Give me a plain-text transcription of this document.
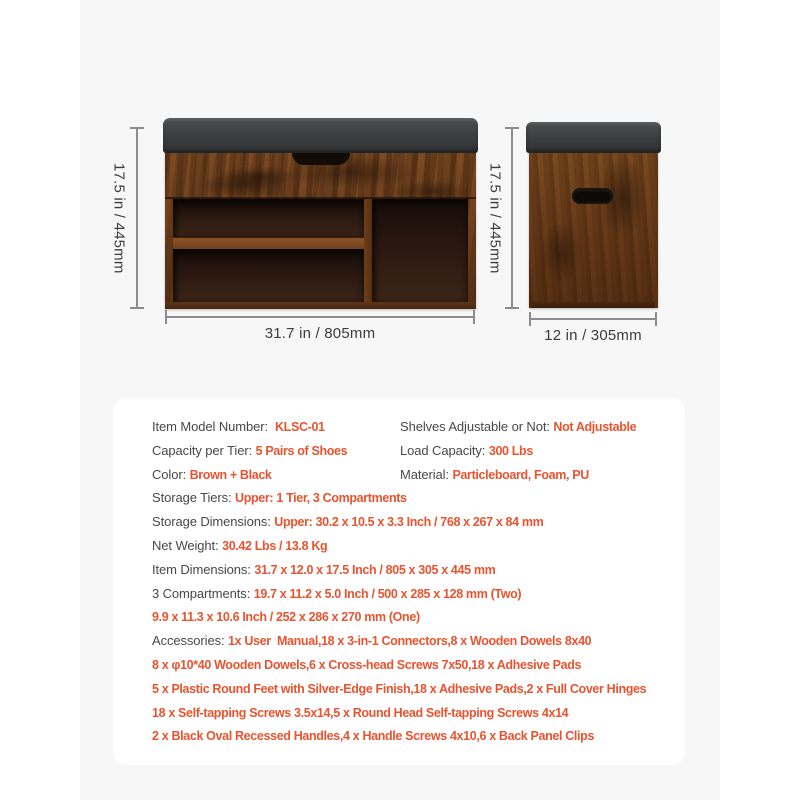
17.5 in / 445mm
31.7 in / 805mm
17.5 in / 445mm
12 in / 305mm
Item Model Number:  KLSC-01
Capacity per Tier: 5 Pairs of Shoes
Color: Brown + Black
Storage Tiers: Upper: 1 Tier, 3 Compartments
Storage Dimensions: Upper: 30.2 x 10.5 x 3.3 Inch / 768 x 267 x 84 mm
Net Weight: 30.42 Lbs / 13.8 Kg
Item Dimensions: 31.7 x 12.0 x 17.5 Inch / 805 x 305 x 445 mm
3 Compartments: 19.7 x 11.2 x 5.0 Inch / 500 x 285 x 128 mm (Two)
9.9 x 11.3 x 10.6 Inch / 252 x 286 x 270 mm (One)
Accessories: 1x User  Manual,18 x 3-in-1 Connectors,8 x Wooden Dowels 8x40
8 x φ10*40 Wooden Dowels,6 x Cross-head Screws 7x50,18 x Adhesive Pads
5 x Plastic Round Feet with Silver-Edge Finish,18 x Adhesive Pads,2 x Full Cover Hinges
18 x Self-tapping Screws 3.5x14,5 x Round Head Self-tapping Screws 4x14
2 x Black Oval Recessed Handles,4 x Handle Screws 4x10,6 x Back Panel Clips
Shelves Adjustable or Not: Not Adjustable
Load Capacity: 300 Lbs
Material: Particleboard, Foam, PU
